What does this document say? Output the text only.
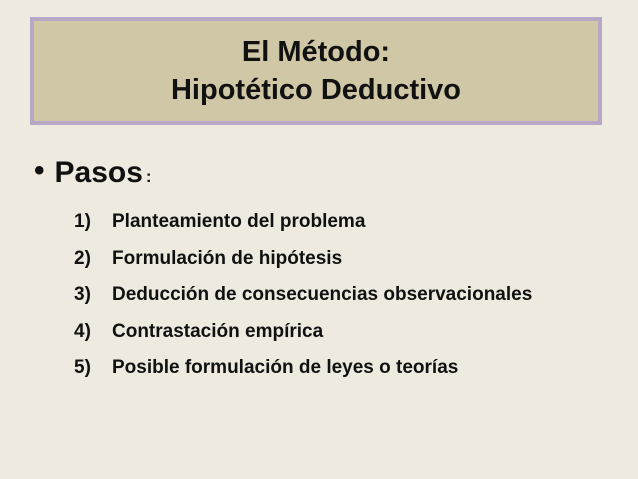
El Método:
Hipotético Deductivo
• Pasos :
1)	Planteamiento del problema
2)	Formulación de hipótesis
3)	Deducción de consecuencias observacionales
4)	Contrastación empírica
5)	Posible formulación de leyes o teorías
